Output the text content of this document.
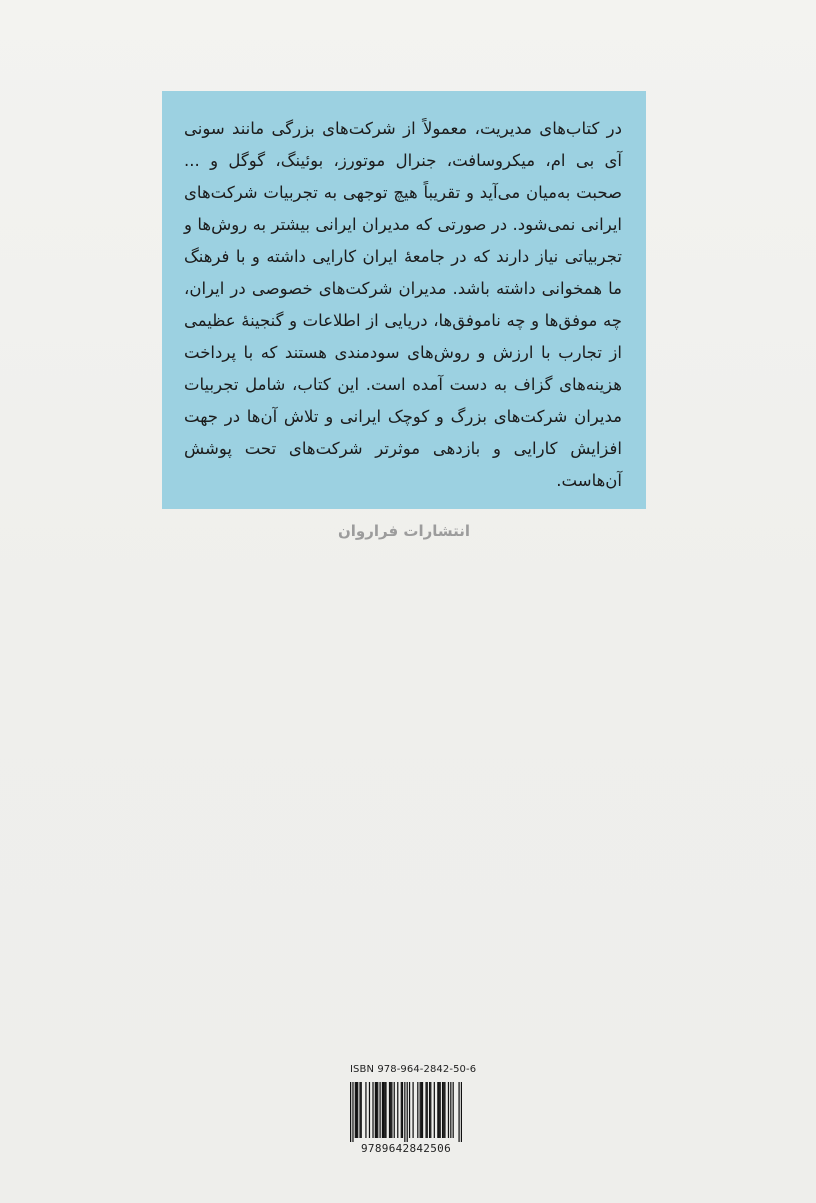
در کتاب‌های مدیریت، معمولاً از شرکت‌های بزرگی مانند سونی آی بی ام، میکروسافت، جنرال موتورز، بوئینگ، گوگل و ... صحبت به‌میان می‌آید و تقریباً هیچ توجهی به تجربیات شرکت‌های ایرانی نمی‌شود. در صورتی که مدیران ایرانی بیشتر به روش‌ها و تجربیاتی نیاز دارند که در جامعهٔ ایران کارایی داشته و با فرهنگ ما همخوانی داشته باشد. مدیران شرکت‌های خصوصی در ایران، چه موفق‌ها و چه ناموفق‌ها، دریایی از اطلاعات و گنجینهٔ عظیمی از تجارب با ارزش و روش‌های سودمندی هستند که با پرداخت هزینه‌های گزاف به دست آمده است. این کتاب، شامل تجربیات مدیران شرکت‌های بزرگ و کوچک ایرانی و تلاش آن‌ها در جهت افزایش کارایی و بازدهی موثرتر شرکت‌های تحت پوشش آن‌هاست.

انتشارات فراروان
ISBN 978-964-2842-50-6
9789642842506
